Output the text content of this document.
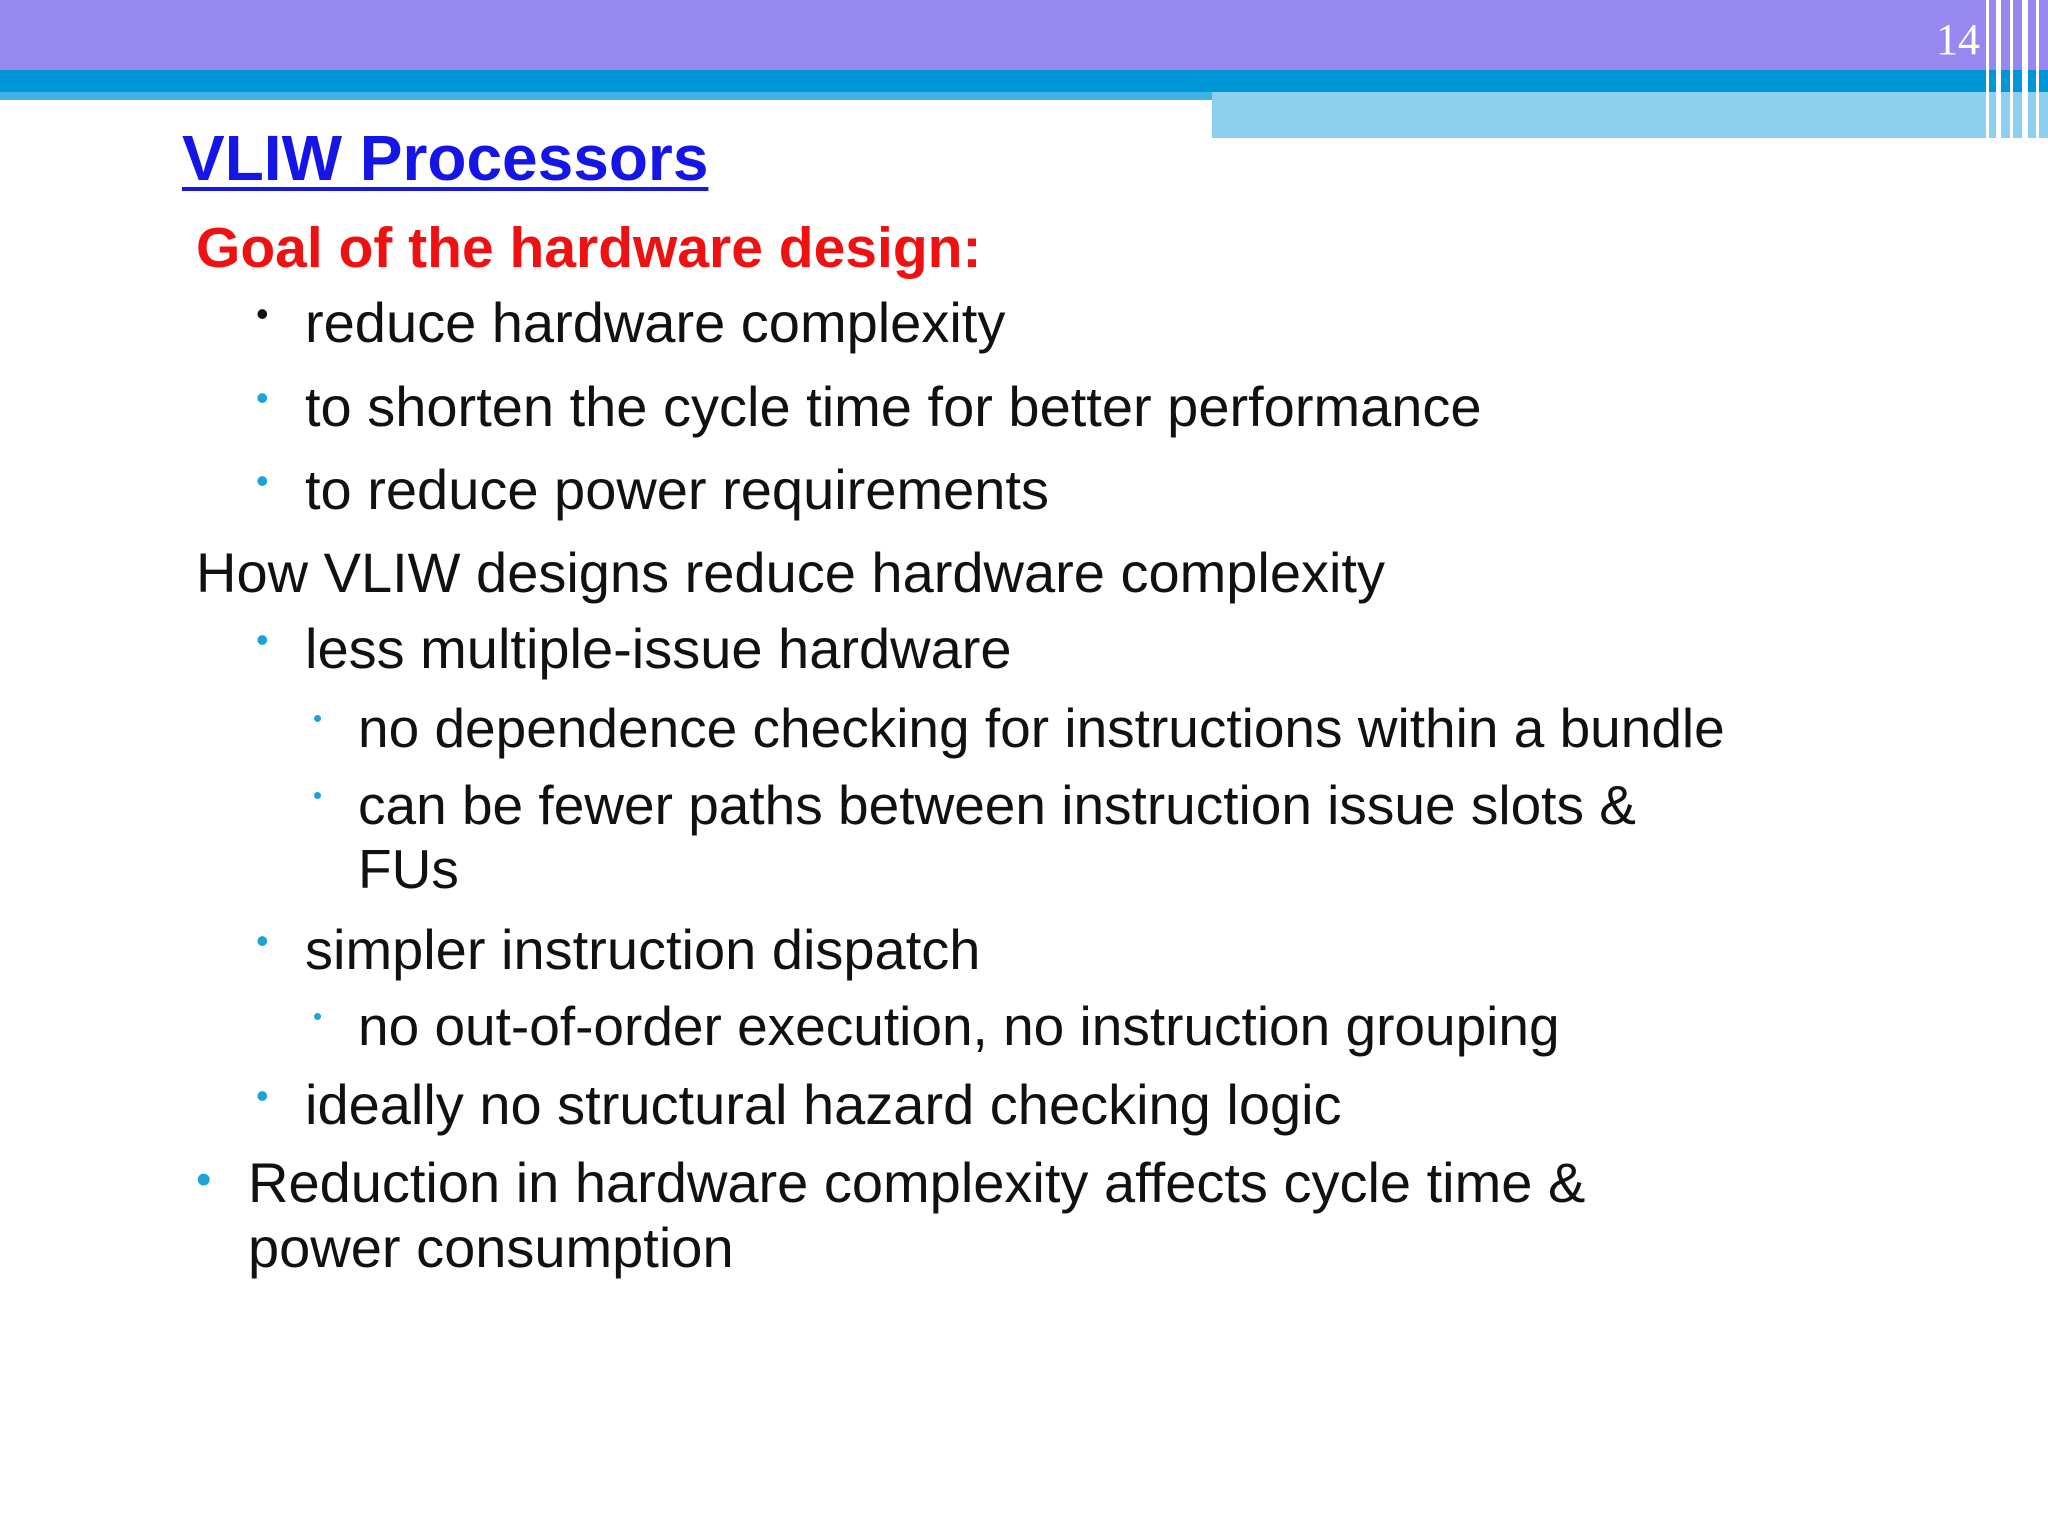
14
VLIW Processors
Goal of the hardware design:
• reduce hardware complexity
• to shorten the cycle time for better performance
• to reduce power requirements
How VLIW designs reduce hardware complexity
• less multiple-issue hardware
• no dependence checking for instructions within a bundle
• can be fewer paths between instruction issue slots &
FUs
• simpler instruction dispatch
• no out-of-order execution, no instruction grouping
• ideally no structural hazard checking logic
• Reduction in hardware complexity affects cycle time &
power consumption
